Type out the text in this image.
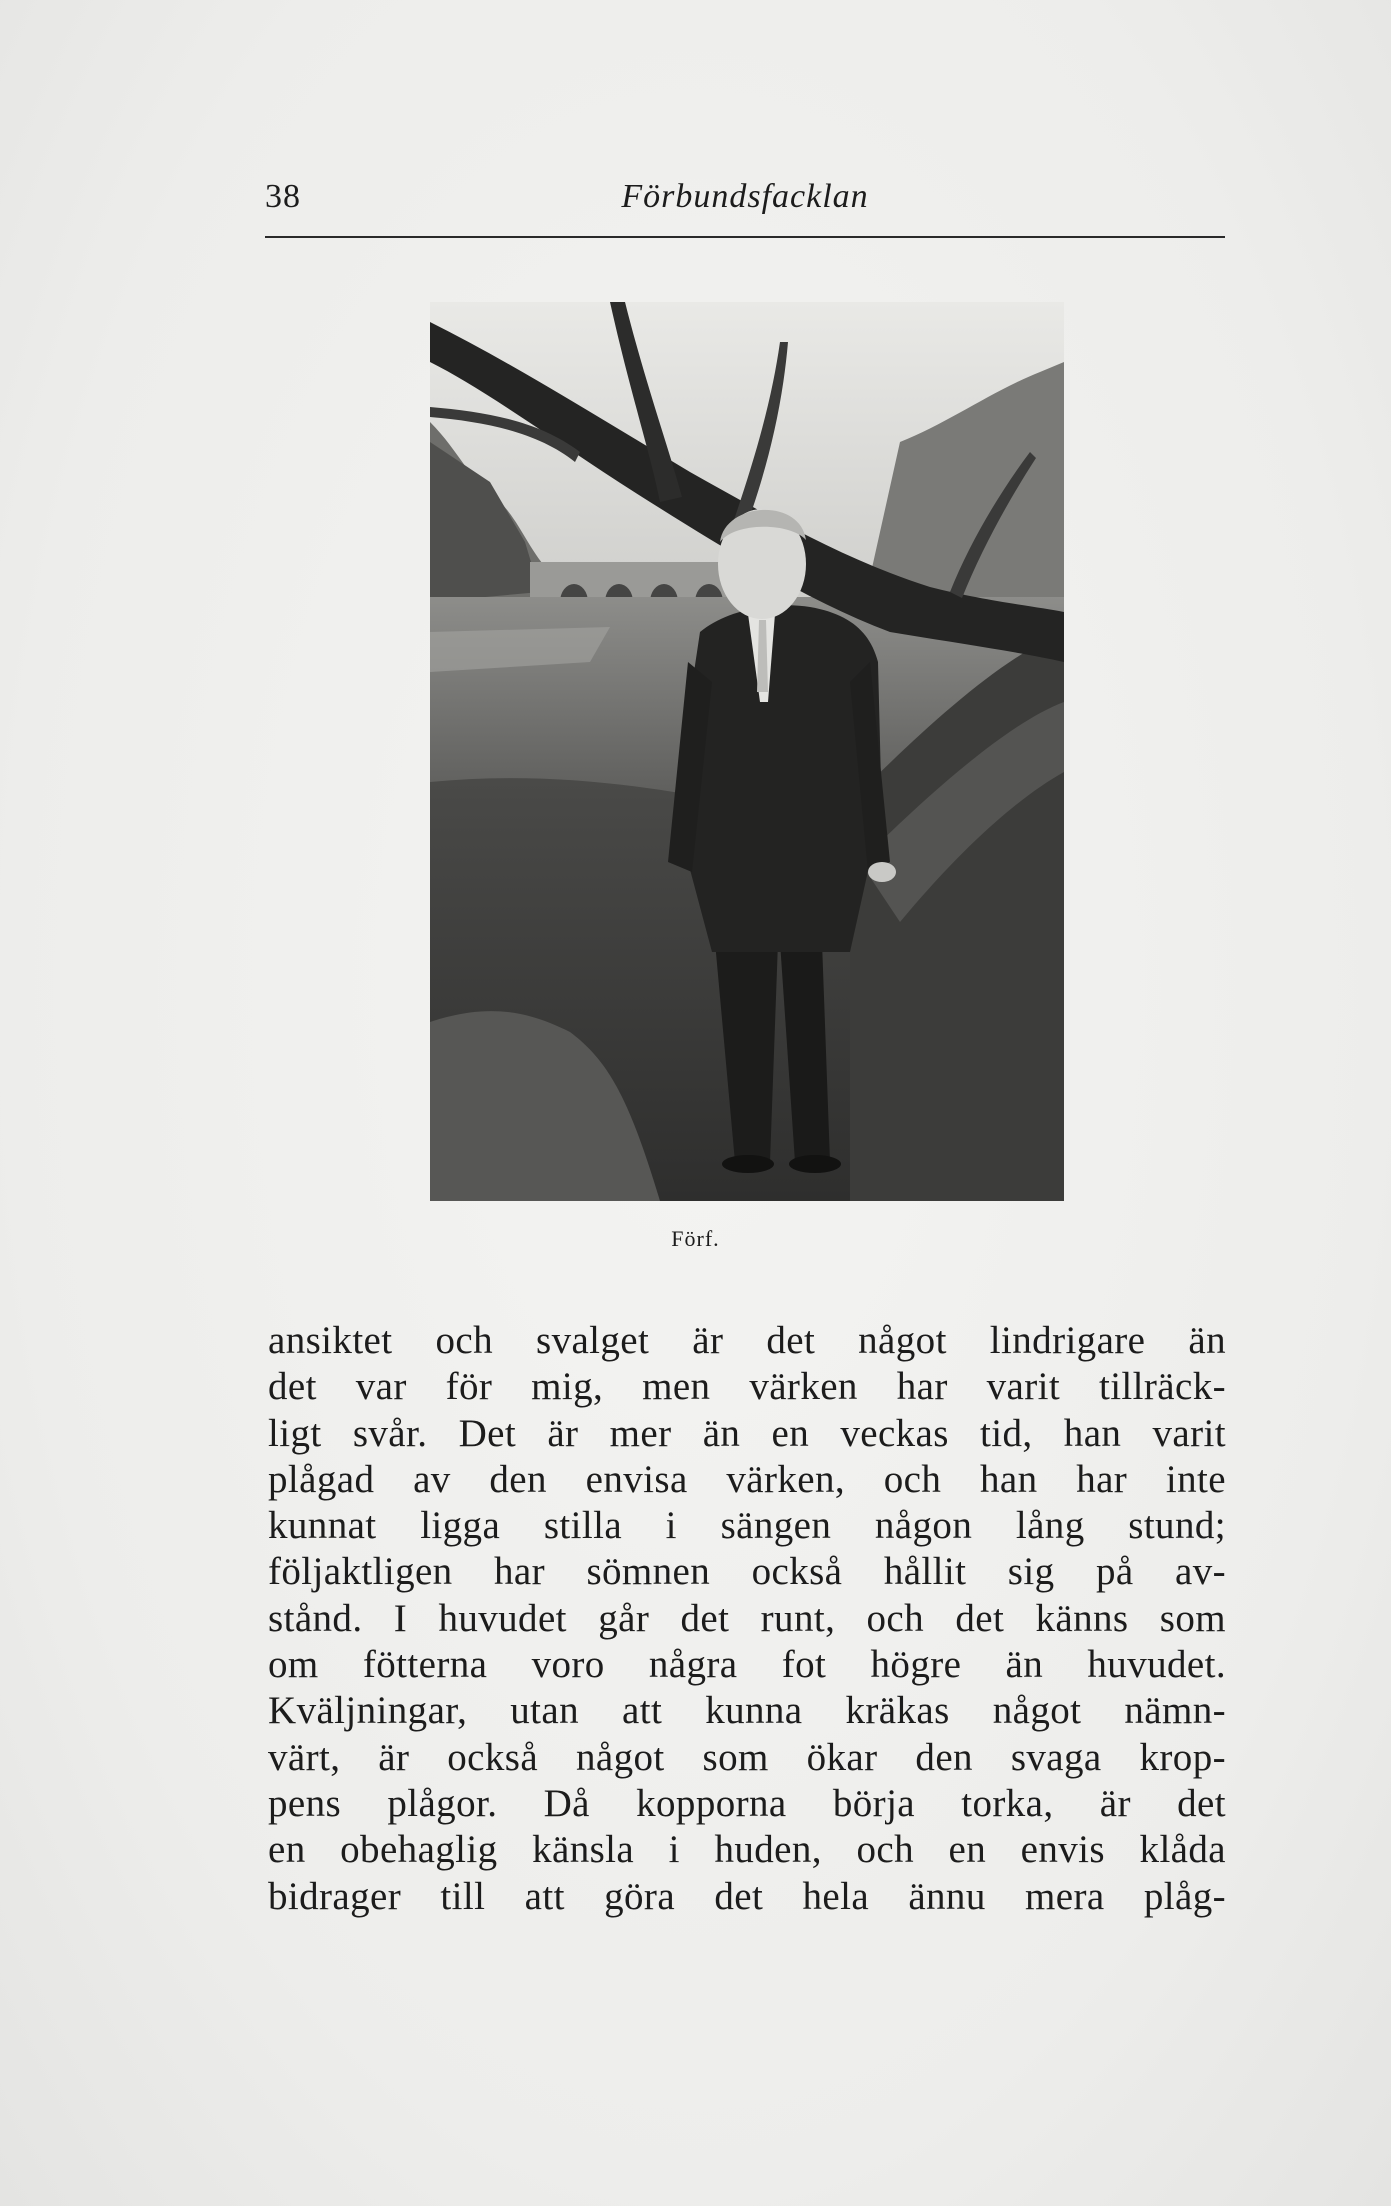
38	Förbundsfacklan
Förf.
ansiktet och svalget är det något lindrigare än
det var för mig, men värken har varit tillräck-
ligt svår. Det är mer än en veckas tid, han varit
plågad av den envisa värken, och han har inte
kunnat ligga stilla i sängen någon lång stund;
följaktligen har sömnen också hållit sig på av-
stånd. I huvudet går det runt, och det känns som
om fötterna voro några fot högre än huvudet.
Kväljningar, utan att kunna kräkas något nämn-
värt, är också något som ökar den svaga krop-
pens plågor. Då kopporna börja torka, är det
en obehaglig känsla i huden, och en envis klåda
bidrager till att göra det hela ännu mera plåg-
